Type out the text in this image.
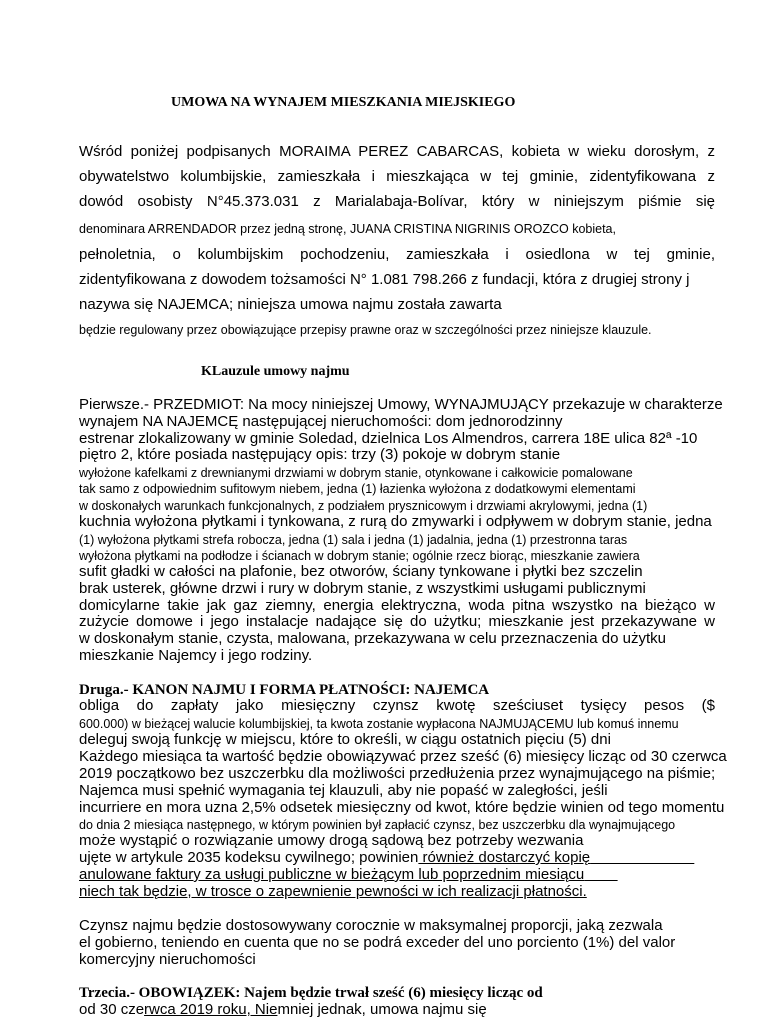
UMOWA NA WYNAJEM MIESZKANIA MIEJSKIEGO
Wśród poniżej podpisanych MORAIMA PEREZ CABARCAS, kobieta w wieku dorosłym, z
obywatelstwo kolumbijskie, zamieszkała i mieszkająca w tej gminie, zidentyfikowana z
dowód osobisty N°45.373.031 z Marialabaja-Bolívar, który w niniejszym piśmie się
denominara ARRENDADOR przez jedną stronę, JUANA CRISTINA NIGRINIS OROZCO kobieta,
pełnoletnia, o kolumbijskim pochodzeniu, zamieszkała i osiedlona w tej gminie,
zidentyfikowana z dowodem tożsamości N° 1.081 798.266 z fundacji, która z drugiej strony j
nazywa się NAJEMCA; niniejsza umowa najmu została zawarta
będzie regulowany przez obowiązujące przepisy prawne oraz w szczególności przez niniejsze klauzule.
KLauzule umowy najmu
Pierwsze.- PRZEDMIOT: Na mocy niniejszej Umowy, WYNAJMUJĄCY przekazuje w charakterze
wynajem NA NAJEMCĘ następującej nieruchomości: dom jednorodzinny
estrenar zlokalizowany w gminie Soledad, dzielnica Los Almendros, carrera 18E ulica 82ª -10
piętro 2, które posiada następujący opis: trzy (3) pokoje w dobrym stanie
wyłożone kafelkami z drewnianymi drzwiami w dobrym stanie, otynkowane i całkowicie pomalowane
tak samo z odpowiednim sufitowym niebem, jedna (1) łazienka wyłożona z dodatkowymi elementami
w doskonałych warunkach funkcjonalnych, z podziałem prysznicowym i drzwiami akrylowymi, jedna (1)
kuchnia wyłożona płytkami i tynkowana, z rurą do zmywarki i odpływem w dobrym stanie, jedna
(1) wyłożona płytkami strefa robocza, jedna (1) sala i jedna (1) jadalnia, jedna (1) przestronna taras
wyłożona płytkami na podłodze i ścianach w dobrym stanie; ogólnie rzecz biorąc, mieszkanie zawiera
sufit gładki w całości na plafonie, bez otworów, ściany tynkowane i płytki bez szczelin
brak usterek, główne drzwi i rury w dobrym stanie, z wszystkimi usługami publicznymi
domicylarne takie jak gaz ziemny, energia elektryczna, woda pitna wszystko na bieżąco w
zużycie domowe i jego instalacje nadające się do użytku; mieszkanie jest przekazywane w
w doskonałym stanie, czysta, malowana, przekazywana w celu przeznaczenia do użytku
mieszkanie Najemcy i jego rodziny.
Druga.- KANON NAJMU I FORMA PŁATNOŚCI: NAJEMCA
obliga do zapłaty jako miesięczny czynsz kwotę sześciuset tysięcy pesos ($
600.000) w bieżącej walucie kolumbijskiej, ta kwota zostanie wypłacona NAJMUJĄCEMU lub komuś innemu
deleguj swoją funkcję w miejscu, które to określi, w ciągu ostatnich pięciu (5) dni
Każdego miesiąca ta wartość będzie obowiązywać przez sześć (6) miesięcy licząc od 30 czerwca
2019 początkowo bez uszczerbku dla możliwości przedłużenia przez wynajmującego na piśmie;
Najemca musi spełnić wymagania tej klauzuli, aby nie popaść w zaległości, jeśli
incurriere en mora uzna 2,5% odsetek miesięczny od kwot, które będzie winien od tego momentu
do dnia 2 miesiąca następnego, w którym powinien był zapłacić czynsz, bez uszczerbku dla wynajmującego
może wystąpić o rozwiązanie umowy drogą sądową bez potrzeby wezwania
ujęte w artykule 2035 kodeksu cywilnego; powinien również dostarczyć kopię
anulowane faktury za usługi publiczne w bieżącym lub poprzednim miesiącu
niech tak będzie, w trosce o zapewnienie pewności w ich realizacji płatności.
Czynsz najmu będzie dostosowywany corocznie w maksymalnej proporcji, jaką zezwala
el gobierno, teniendo en cuenta que no se podrá exceder del uno porciento (1%) del valor
komercyjny nieruchomości
Trzecia.- OBOWIĄZEK: Najem będzie trwał sześć (6) miesięcy licząc od
od 30 czerwca 2019 roku, Niemniej jednak, umowa najmu się
